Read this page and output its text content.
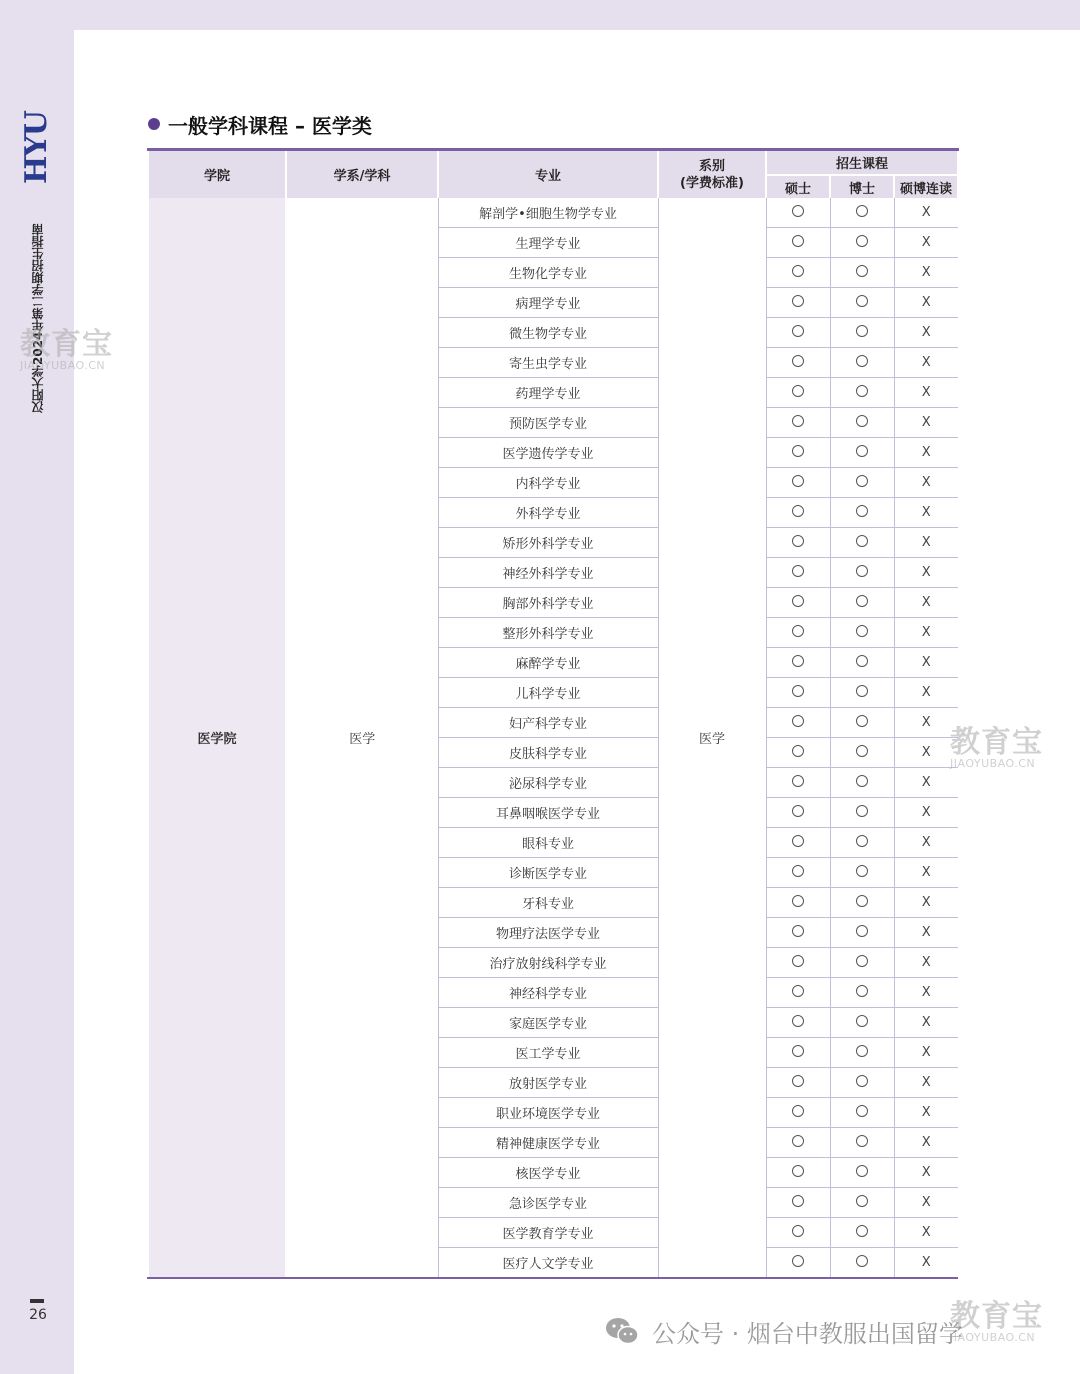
HYU
汉阳大学2024年第二学期招生指南
26
一般学科课程 – 医学类
学院	学系/学科	专业	系别
(学费标准)	招生课程		
				硕士	博士	硕博连读
医学院	医学	解剖学•细胞生物学专业	医学			X
		生理学专业				X
		生物化学专业				X
		病理学专业				X
		微生物学专业				X
		寄生虫学专业				X
		药理学专业				X
		预防医学专业				X
		医学遗传学专业				X
		内科学专业				X
		外科学专业				X
		矫形外科学专业				X
		神经外科学专业				X
		胸部外科学专业				X
		整形外科学专业				X
		麻醉学专业				X
		儿科学专业				X
		妇产科学专业				X
		皮肤科学专业				X
		泌尿科学专业				X
		耳鼻咽喉医学专业				X
		眼科专业				X
		诊断医学专业				X
		牙科专业				X
		物理疗法医学专业				X
		治疗放射线科学专业				X
		神经科学专业				X
		家庭医学专业				X
		医工学专业				X
		放射医学专业				X
		职业环境医学专业				X
		精神健康医学专业				X
		核医学专业				X
		急诊医学专业				X
		医学教育学专业				X
		医疗人文学专业				X
教育宝
JIAOYUBAO.CN
教育宝
JIAOYUBAO.CN
教育宝
JIAOYUBAO.CN
公众号 · 烟台中教服出国留学
